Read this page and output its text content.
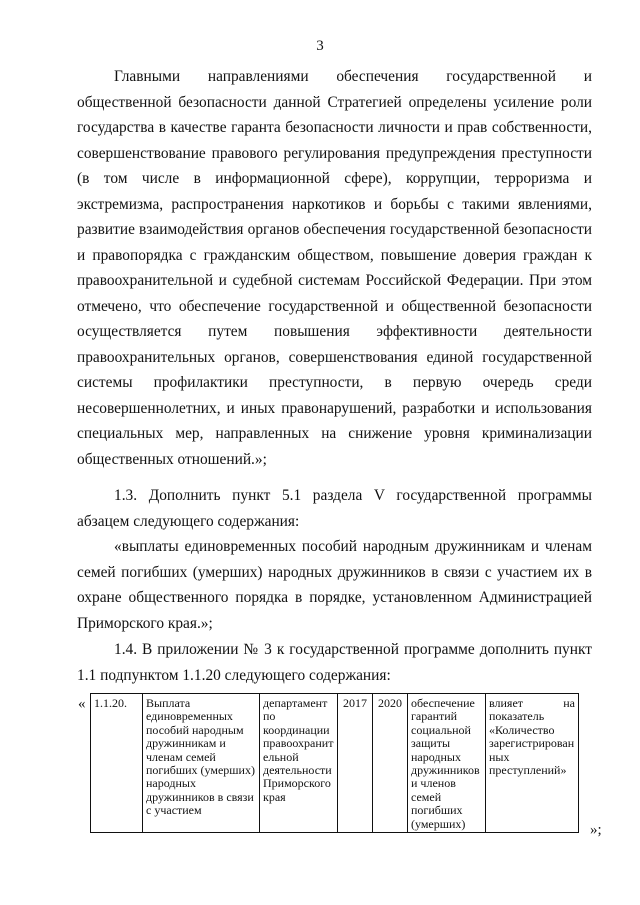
3

Главными направлениями обеспечения государственной и общественной безопасности данной Стратегией определены усиление роли государства в качестве гаранта безопасности личности и прав собственности, совершенствование правового регулирования предупреждения преступности (в том числе в информационной сфере), коррупции, терроризма и экстремизма, распространения наркотиков и борьбы с такими явлениями, развитие взаимодействия органов обеспечения государственной безопасности и правопорядка с гражданским обществом, повышение доверия граждан к правоохранительной и судебной системам Российской Федерации. При этом отмечено, что обеспечение государственной и общественной безопасности осуществляется путем повышения эффективности деятельности правоохранительных органов, совершенствования единой государственной системы профилактики преступности, в первую очередь среди несовершеннолетних, и иных правонарушений, разработки и использования специальных мер, направленных на снижение уровня криминализации общественных отношений.»;

1.3. Дополнить пункт 5.1 раздела V государственной программы абзацем следующего содержания:

«выплаты единовременных пособий народным дружинникам и членам семей погибших (умерших) народных дружинников в связи с участием их в охране общественного порядка в порядке, установленном Администрацией Приморского края.»;

1.4. В приложении № 3 к государственной программе дополнить пункт 1.1 подпунктом 1.1.20 следующего содержания:

« 1.1.20.	Выплата единовременных пособий народным дружинникам и членам семей погибших (умерших) народных дружинников в связи с участием	департамент по координации правоохранительной деятельности Приморского края	2017	2020	обеспечение гарантий социальной защиты народных дружинников и членов семей погибших (умерших)	влияет на показатель «Количество зарегистрированных преступлений»
»;
